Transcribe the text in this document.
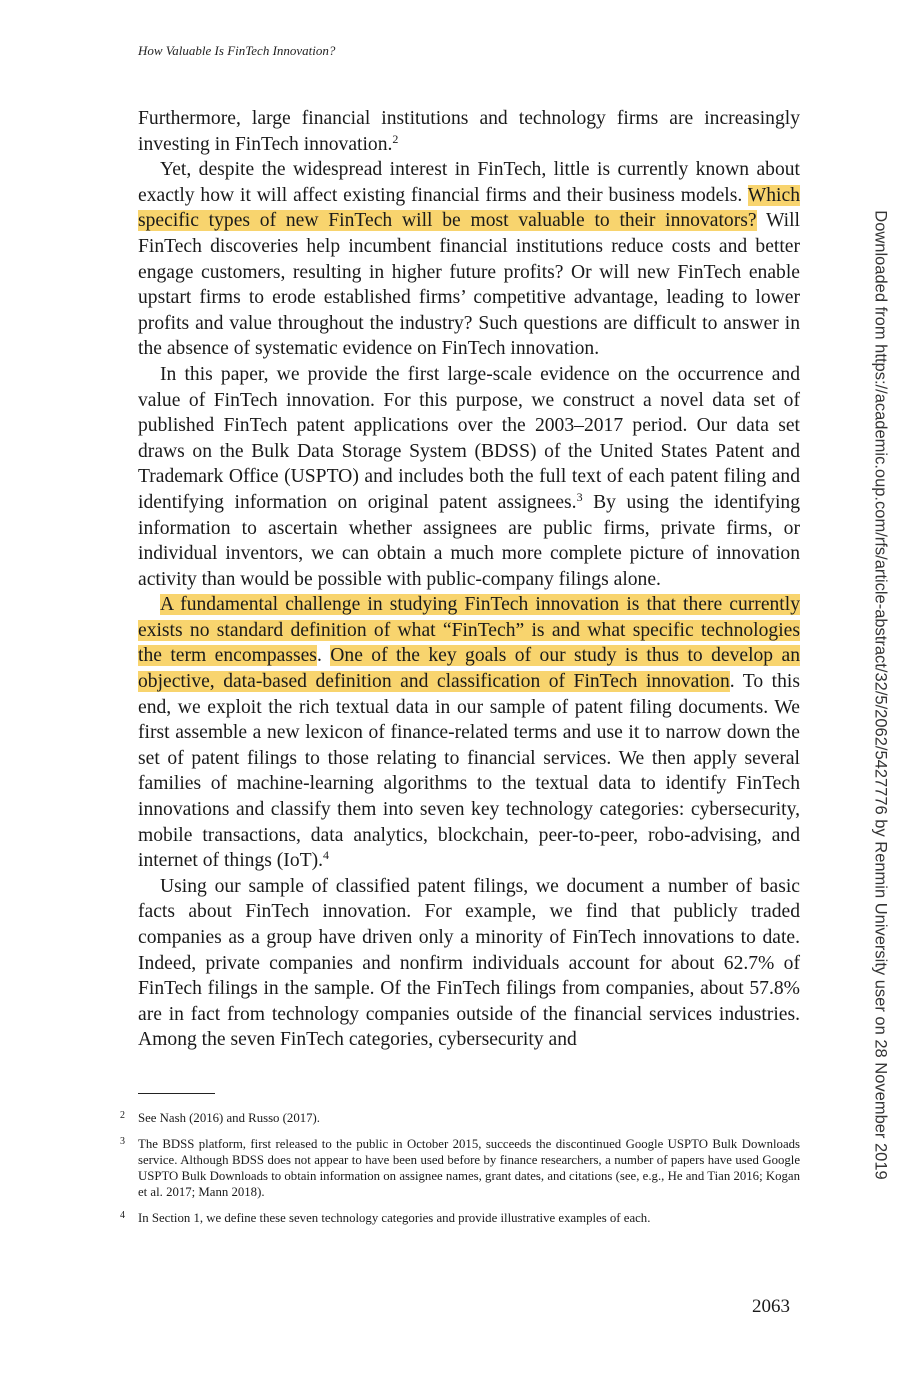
How Valuable Is FinTech Innovation?

Furthermore, large financial institutions and technology firms are increasingly investing in FinTech innovation.$^2$

Yet, despite the widespread interest in FinTech, little is currently known about exactly how it will affect existing financial firms and their business models. Which specific types of new FinTech will be most valuable to their innovators? Will FinTech discoveries help incumbent financial institutions reduce costs and better engage customers, resulting in higher future profits? Or will new FinTech enable upstart firms to erode established firms’ competitive advantage, leading to lower profits and value throughout the industry? Such questions are difficult to answer in the absence of systematic evidence on FinTech innovation.

In this paper, we provide the first large-scale evidence on the occurrence and value of FinTech innovation. For this purpose, we construct a novel data set of published FinTech patent applications over the 2003–2017 period. Our data set draws on the Bulk Data Storage System (BDSS) of the United States Patent and Trademark Office (USPTO) and includes both the full text of each patent filing and identifying information on original patent assignees.$^3$ By using the identifying information to ascertain whether assignees are public firms, private firms, or individual inventors, we can obtain a much more complete picture of innovation activity than would be possible with public-company filings alone.

A fundamental challenge in studying FinTech innovation is that there currently exists no standard definition of what “FinTech” is and what specific technologies the term encompasses. One of the key goals of our study is thus to develop an objective, data-based definition and classification of FinTech innovation. To this end, we exploit the rich textual data in our sample of patent filing documents. We first assemble a new lexicon of finance-related terms and use it to narrow down the set of patent filings to those relating to financial services. We then apply several families of machine-learning algorithms to the textual data to identify FinTech innovations and classify them into seven key technology categories: cybersecurity, mobile transactions, data analytics, blockchain, peer-to-peer, robo-advising, and internet of things (IoT).$^4$

Using our sample of classified patent filings, we document a number of basic facts about FinTech innovation. For example, we find that publicly traded companies as a group have driven only a minority of FinTech innovations to date. Indeed, private companies and nonfirm individuals account for about 62.7% of FinTech filings in the sample. Of the FinTech filings from companies, about 57.8% are in fact from technology companies outside of the financial services industries. Among the seven FinTech categories, cybersecurity and

2	See Nash (2016) and Russo (2017).
3	The BDSS platform, first released to the public in October 2015, succeeds the discontinued Google USPTO Bulk Downloads service. Although BDSS does not appear to have been used before by finance researchers, a number of papers have used Google USPTO Bulk Downloads to obtain information on assignee names, grant dates, and citations (see, e.g., He and Tian 2016; Kogan et al. 2017; Mann 2018).
4	In Section 1, we define these seven technology categories and provide illustrative examples of each.
2063
Downloaded from https://academic.oup.com/rfs/article-abstract/32/5/2062/5427776 by Renmin University user on 28 November 2019
